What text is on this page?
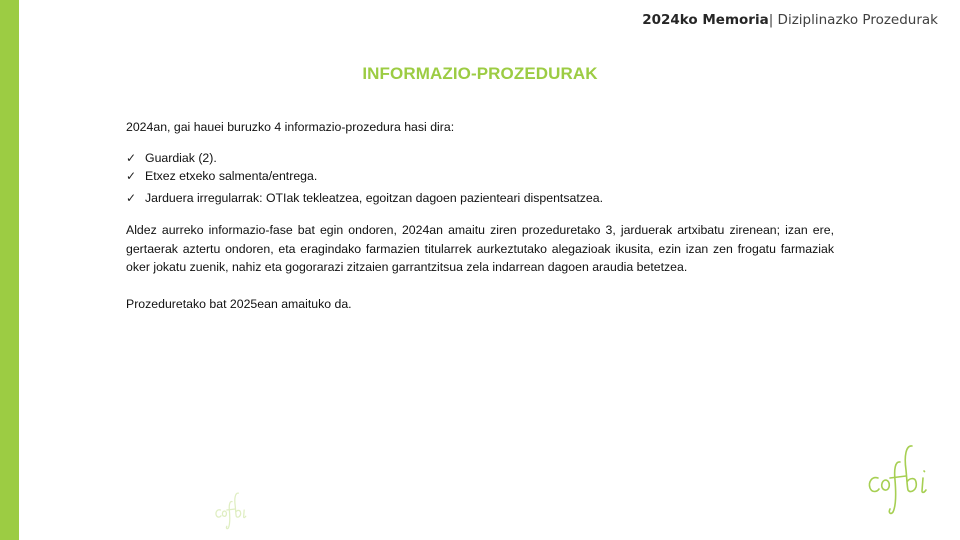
2024ko Memoria| Diziplinazko Prozedurak
INFORMAZIO-PROZEDURAK

2024an, gai hauei buruzko 4 informazio-prozedura hasi dira:

✓ Guardiak (2).
✓ Etxez etxeko salmenta/entrega.
✓ Jarduera irregularrak: OTIak tekleatzea, egoitzan dagoen pazienteari dispentsatzea.

Aldez aurreko informazio-fase bat egin ondoren, 2024an amaitu ziren prozeduretako 3, jarduerak artxibatu zirenean; izan ere, gertaerak aztertu ondoren, eta eragindako farmazien titularrek aurkeztutako alegazioak ikusita, ezin izan zen frogatu farmaziak oker jokatu zuenik, nahiz eta gogorarazi zitzaien garrantzitsua zela indarrean dagoen araudia betetzea.

Prozeduretako bat 2025ean amaituko da.
